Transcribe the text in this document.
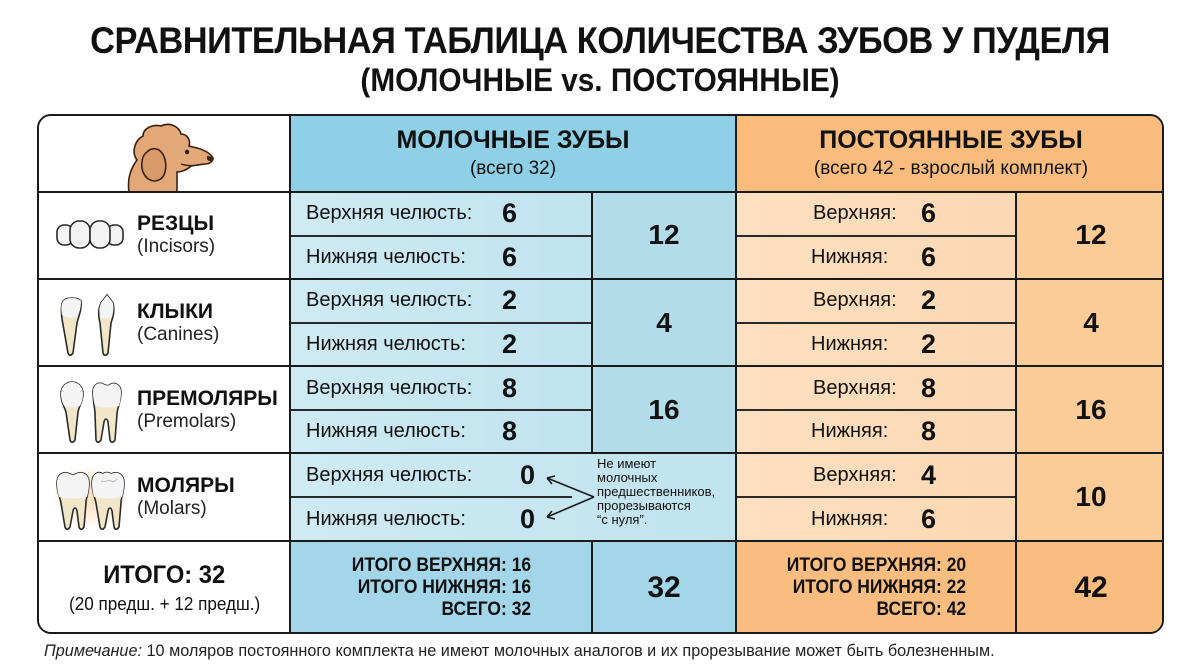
СРАВНИТЕЛЬНАЯ ТАБЛИЦА КОЛИЧЕСТВА ЗУБОВ У ПУДЕЛЯ
(МОЛОЧНЫЕ vs. ПОСТОЯННЫЕ)
МОЛОЧНЫЕ ЗУБЫ
(всего 32)
ПОСТОЯННЫЕ ЗУБЫ
(всего 42 - взрослый комплект)
РЕЗЦЫ
(Incisors)
Верхняя челюсть:	6
Нижняя челюсть:	6
12
Верхняя: 6
Нижняя:	6
12
КЛЫКИ
(Canines)
Верхняя челюсть:	2
Нижняя челюсть:	2
4
Верхняя: 2
Нижняя:	2
4
ПРЕМОЛЯРЫ
(Premolars)
Верхняя челюсть:	8
Нижняя челюсть:	8
16
Верхняя: 8
Нижняя:	8
16
МОЛЯРЫ
(Molars)
Верхняя челюсть:	0
Нижняя челюсть:	0
Не имеют
молочных
предшественников,
прорезываются
“с нуля”.
Верхняя: 4
Нижняя:	6
10
ИТОГО: 32
(20 предш. + 12 предш.)
ИТОГО ВЕРХНЯЯ: 16
ИТОГО НИЖНЯЯ: 16
ВСЕГО: 32
32
ИТОГО ВЕРХНЯЯ: 20
ИТОГО НИЖНЯЯ: 22
ВСЕГО: 42
42
Примечание: 10 моляров постоянного комплекта не имеют молочных аналогов и их прорезывание может быть болезненным.
